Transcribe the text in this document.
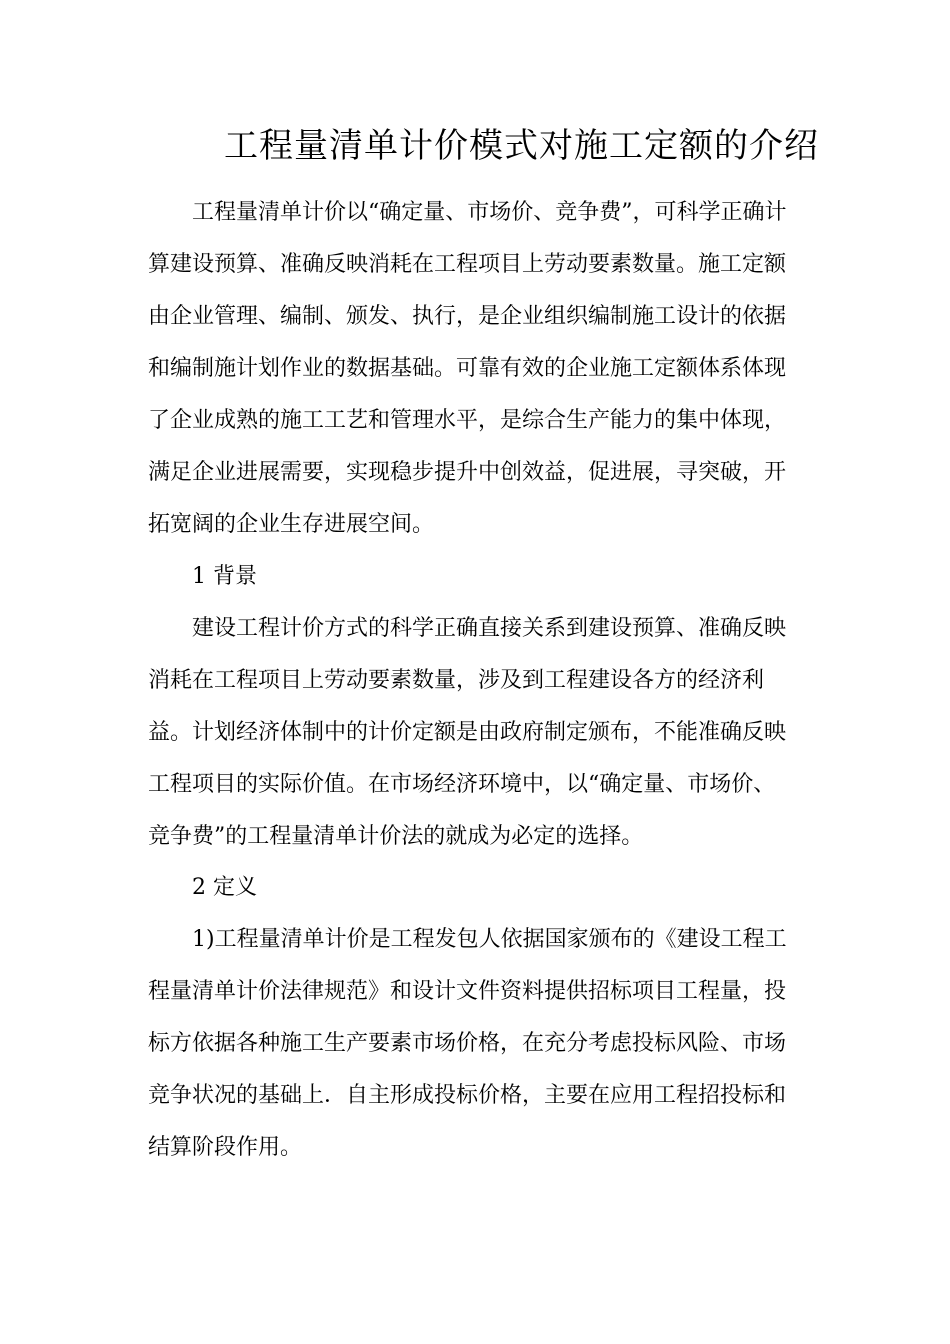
工程量清单计价模式对施工定额的介绍

工程量清单计价以“确定量、市场价、竞争费”，可科学正确计

算建设预算、准确反映消耗在工程项目上劳动要素数量。施工定额

由企业管理、编制、颁发、执行，是企业组织编制施工设计的依据

和编制施计划作业的数据基础。可靠有效的企业施工定额体系体现

了企业成熟的施工工艺和管理水平，是综合生产能力的集中体现，

满足企业进展需要，实现稳步提升中创效益，促进展，寻突破，开

拓宽阔的企业生存进展空间。

1 背景

建设工程计价方式的科学正确直接关系到建设预算、准确反映

消耗在工程项目上劳动要素数量，涉及到工程建设各方的经济利

益。计划经济体制中的计价定额是由政府制定颁布，不能准确反映

工程项目的实际价值。在市场经济环境中，以“确定量、市场价、

竞争费”的工程量清单计价法的就成为必定的选择。

2 定义

1)工程量清单计价是工程发包人依据国家颁布的《建设工程工

程量清单计价法律规范》和设计文件资料提供招标项目工程量，投

标方依据各种施工生产要素市场价格，在充分考虑投标风险、市场

竞争状况的基础上．自主形成投标价格，主要在应用工程招投标和

结算阶段作用。
